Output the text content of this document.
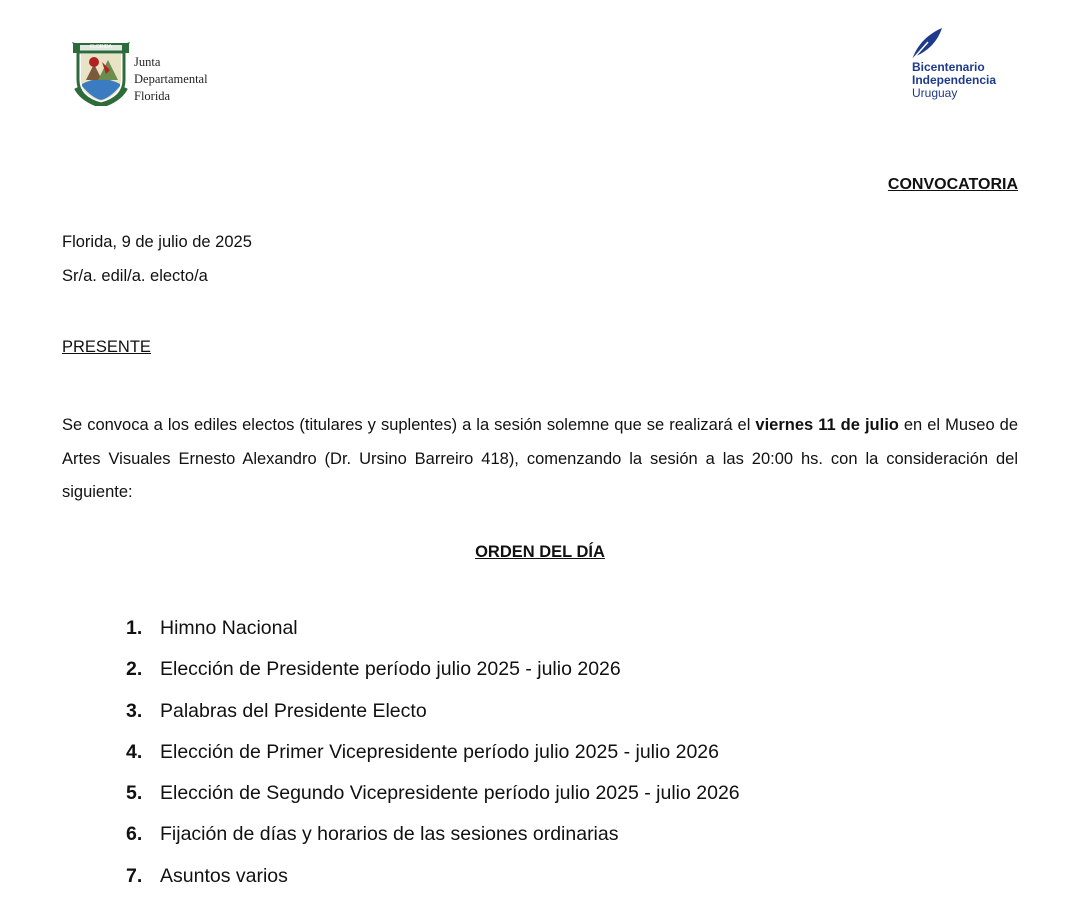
FLORIDA
Junta
Departamental
Florida
Bicentenario
Independencia
Uruguay
CONVOCATORIA
Florida, 9 de julio de 2025
Sr/a. edil/a. electo/a
PRESENTE
Se convoca a los ediles electos (titulares y suplentes) a la sesión solemne que se realizará el viernes 11 de julio en el Museo de Artes Visuales Ernesto Alexandro (Dr. Ursino Barreiro 418), comenzando la sesión a las 20:00 hs. con la consideración del siguiente:
ORDEN DEL DÍA
1. Himno Nacional
2. Elección de Presidente período julio 2025 - julio 2026
3. Palabras del Presidente Electo
4. Elección de Primer Vicepresidente período julio 2025 - julio 2026
5. Elección de Segundo Vicepresidente período julio 2025 - julio 2026
6. Fijación de días y horarios de las sesiones ordinarias
7. Asuntos varios
